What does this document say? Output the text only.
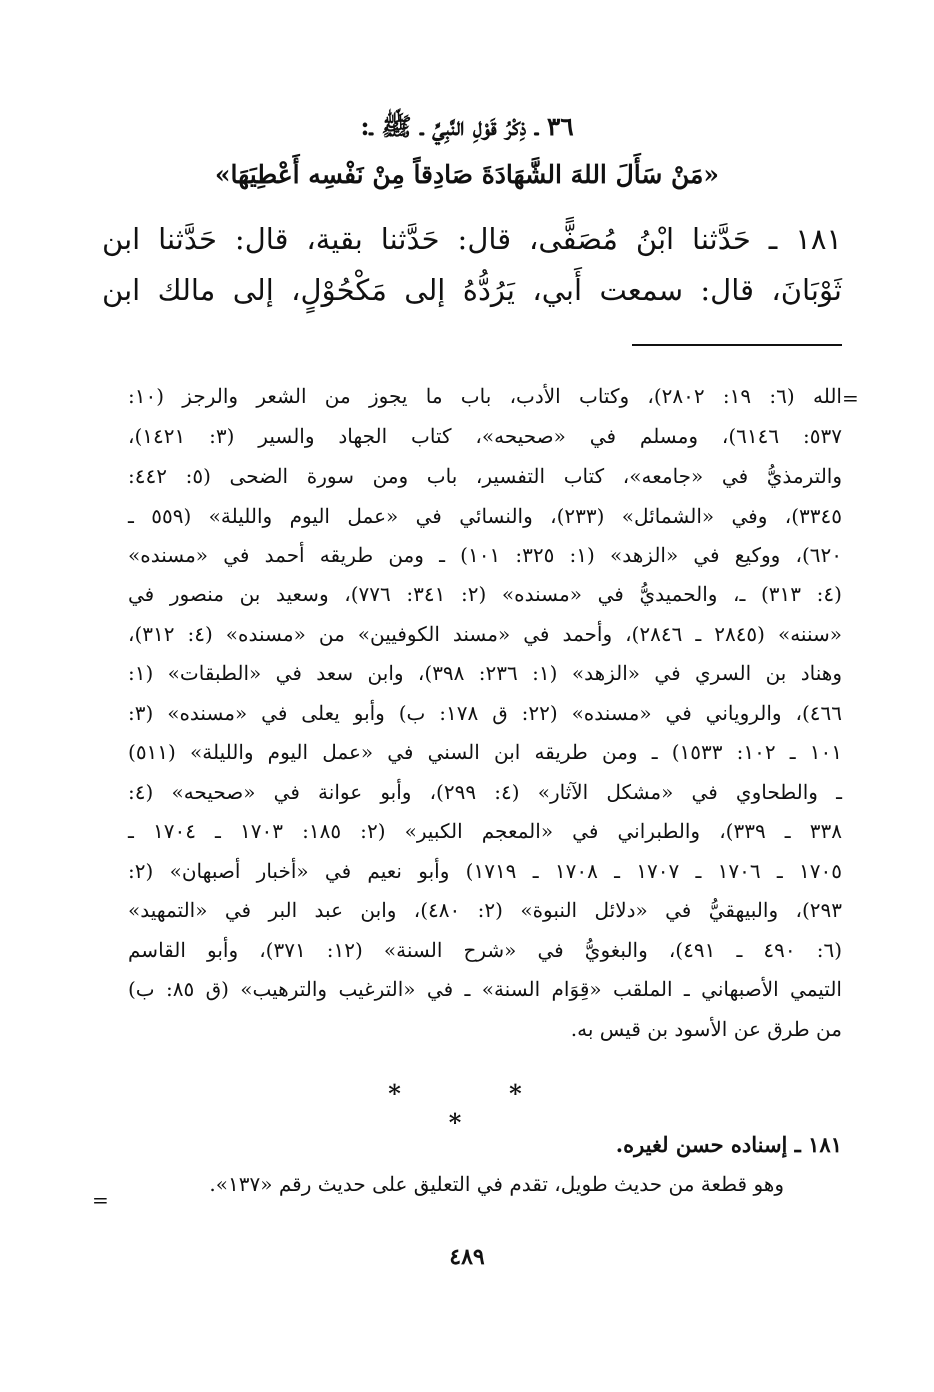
٣٦ ـ ذِكْرُ قَوْلِ النَّبِيِّ ـ ﷺ ـ:
«مَنْ سَأَلَ اللهَ الشَّهَادَةَ صَادِقاً مِنْ نَفْسِه أَعْطِيَهَا»
١٨١ ـ حَدَّثنا ابْنُ مُصَفًّى، قال: حَدَّثنا بقية، قال: حَدَّثنا ابن
ثَوْبَانَ، قال: سمعت أَبي، يَرُدُّهُ إلى مَكْحُوْلٍ، إلى مالك ابن
=
الله (٦: ١٩: ٢٨٠٢)، وكتاب الأدب، باب ما يجوز من الشعر والرجز (١٠:
٥٣٧: ٦١٤٦)، ومسلم في «صحيحه»، كتاب الجهاد والسير (٣: ١٤٢١)،
والترمذيُّ في «جامعه»، كتاب التفسير، باب ومن سورة الضحى (٥: ٤٤٢:
٣٣٤٥)، وفي «الشمائل» (٢٣٣)، والنسائي في «عمل اليوم والليلة» (٥٥٩ ـ
٦٢٠)، ووكيع في «الزهد» (١: ٣٢٥: ١٠١) ـ ومن طريقه أحمد في «مسنده»
(٤: ٣١٣) ـ، والحميديُّ في «مسنده» (٢: ٣٤١: ٧٧٦)، وسعيد بن منصور في
«سننه» (٢٨٤٥ ـ ٢٨٤٦)، وأحمد في «مسند الكوفيين» من «مسنده» (٤: ٣١٢)،
وهناد بن السري في «الزهد» (١: ٢٣٦: ٣٩٨)، وابن سعد في «الطبقات» (١:
٤٦٦)، والروياني في «مسنده» (٢٢: ق ١٧٨: ب) وأبو يعلى في «مسنده» (٣:
١٠١ ـ ١٠٢: ١٥٣٣) ـ ومن طريقه ابن السني في «عمل اليوم والليلة» (٥١١)
ـ والطحاوي في «مشكل الآثار» (٤: ٢٩٩)، وأبو عوانة في «صحيحه» (٤:
٣٣٨ ـ ٣٣٩)، والطبراني في «المعجم الكبير» (٢: ١٨٥: ١٧٠٣ ـ ١٧٠٤ ـ
١٧٠٥ ـ ١٧٠٦ ـ ١٧٠٧ ـ ١٧٠٨ ـ ١٧١٩) وأبو نعيم في «أخبار أصبهان» (٢:
٢٩٣)، والبيهقيُّ في «دلائل النبوة» (٢: ٤٨٠)، وابن عبد البر في «التمهيد»
(٦: ٤٩٠ ـ ٤٩١)، والبغويُّ في «شرح السنة» (١٢: ٣٧١)، وأبو القاسم
التيمي الأصبهاني ـ الملقب «قِوَام السنة» ـ في «الترغيب والترهيب» (ق ٨٥: ب)
من طرق عن الأسود بن قيس به.
* * *
١٨١ ـ إسناده حسن لغيره.
وهو قطعة من حديث طويل، تقدم في التعليق على حديث رقم «١٣٧».
=
٤٨٩
